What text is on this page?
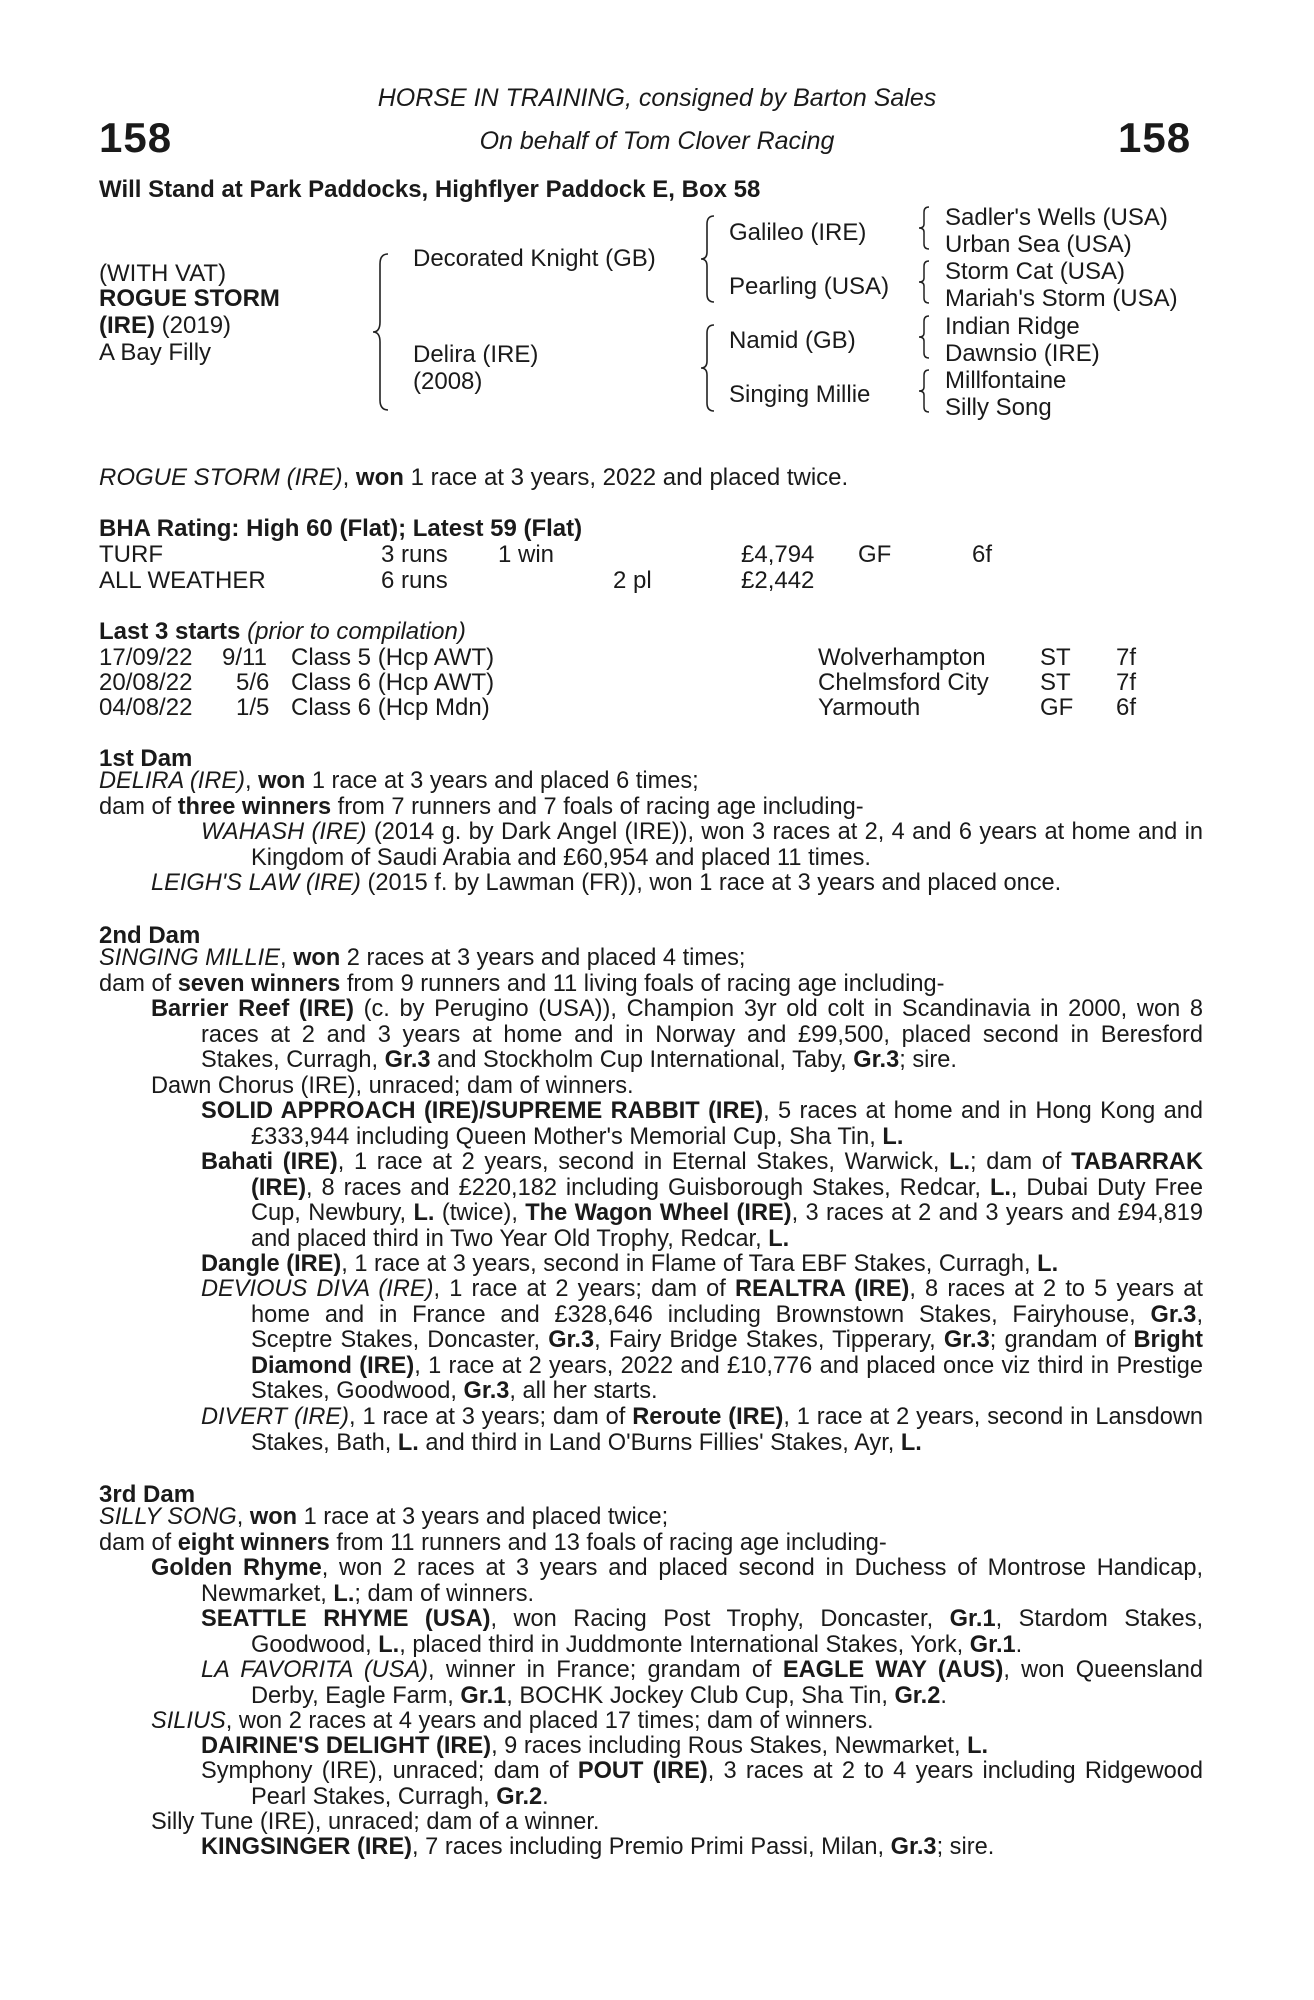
158	158
HORSE IN TRAINING, consigned by Barton Sales
On behalf of Tom Clover Racing
Will Stand at Park Paddocks, Highflyer Paddock E, Box 58
(WITH VAT)
ROGUE STORM
(IRE) (2019)
A Bay Filly
Decorated Knight (GB)
Delira (IRE)
(2008)
Galileo (IRE)
Pearling (USA)
Namid (GB)
Singing Millie
Sadler's Wells (USA)
Urban Sea (USA)
Storm Cat (USA)
Mariah's Storm (USA)
Indian Ridge
Dawnsio (IRE)
Millfontaine
Silly Song
ROGUE STORM (IRE), won 1 race at 3 years, 2022 and placed twice.
BHA Rating: High 60 (Flat); Latest 59 (Flat)
TURF	3 runs 1 win	£4,794 GF	6f
ALL WEATHER	6 runs	2 pl	£2,442
Last 3 starts (prior to compilation)
17/09/22 9/11 Class 5 (Hcp AWT)	Wolverhampton ST 7f
20/08/22 5/6 Class 6 (Hcp AWT)	Chelmsford City ST 7f
04/08/22 1/5 Class 6 (Hcp Mdn)	Yarmouth	GF 6f
1st Dam

DELIRA (IRE), won 1 race at 3 years and placed 6 times;

dam of three winners from 7 runners and 7 foals of racing age including-

WAHASH (IRE) (2014 g. by Dark Angel (IRE)), won 3 races at 2, 4 and 6 years at home and in Kingdom of Saudi Arabia and £60,954 and placed 11 times.

LEIGH'S LAW (IRE) (2015 f. by Lawman (FR)), won 1 race at 3 years and placed once.

2nd Dam

SINGING MILLIE, won 2 races at 3 years and placed 4 times;

dam of seven winners from 9 runners and 11 living foals of racing age including-

Barrier Reef (IRE) (c. by Perugino (USA)), Champion 3yr old colt in Scandinavia in 2000, won 8 races at 2 and 3 years at home and in Norway and £99,500, placed second in Beresford Stakes, Curragh, Gr.3 and Stockholm Cup International, Taby, Gr.3; sire.

Dawn Chorus (IRE), unraced; dam of winners.

SOLID APPROACH (IRE)/SUPREME RABBIT (IRE), 5 races at home and in Hong Kong and £333,944 including Queen Mother's Memorial Cup, Sha Tin, L.

Bahati (IRE), 1 race at 2 years, second in Eternal Stakes, Warwick, L.; dam of TABARRAK (IRE), 8 races and £220,182 including Guisborough Stakes, Redcar, L., Dubai Duty Free Cup, Newbury, L. (twice), The Wagon Wheel (IRE), 3 races at 2 and 3 years and £94,819 and placed third in Two Year Old Trophy, Redcar, L.

Dangle (IRE), 1 race at 3 years, second in Flame of Tara EBF Stakes, Curragh, L.

DEVIOUS DIVA (IRE), 1 race at 2 years; dam of REALTRA (IRE), 8 races at 2 to 5 years at home and in France and £328,646 including Brownstown Stakes, Fairyhouse, Gr.3, Sceptre Stakes, Doncaster, Gr.3, Fairy Bridge Stakes, Tipperary, Gr.3; grandam of Bright Diamond (IRE), 1 race at 2 years, 2022 and £10,776 and placed once viz third in Prestige Stakes, Goodwood, Gr.3, all her starts.

DIVERT (IRE), 1 race at 3 years; dam of Reroute (IRE), 1 race at 2 years, second in Lansdown Stakes, Bath, L. and third in Land O'Burns Fillies' Stakes, Ayr, L.

3rd Dam

SILLY SONG, won 1 race at 3 years and placed twice;

dam of eight winners from 11 runners and 13 foals of racing age including-

Golden Rhyme, won 2 races at 3 years and placed second in Duchess of Montrose Handicap, Newmarket, L.; dam of winners.

SEATTLE RHYME (USA), won Racing Post Trophy, Doncaster, Gr.1, Stardom Stakes, Goodwood, L., placed third in Juddmonte International Stakes, York, Gr.1.

LA FAVORITA (USA), winner in France; grandam of EAGLE WAY (AUS), won Queensland Derby, Eagle Farm, Gr.1, BOCHK Jockey Club Cup, Sha Tin, Gr.2.

SILIUS, won 2 races at 4 years and placed 17 times; dam of winners.

DAIRINE'S DELIGHT (IRE), 9 races including Rous Stakes, Newmarket, L.

Symphony (IRE), unraced; dam of POUT (IRE), 3 races at 2 to 4 years including Ridgewood Pearl Stakes, Curragh, Gr.2.

Silly Tune (IRE), unraced; dam of a winner.

KINGSINGER (IRE), 7 races including Premio Primi Passi, Milan, Gr.3; sire.
